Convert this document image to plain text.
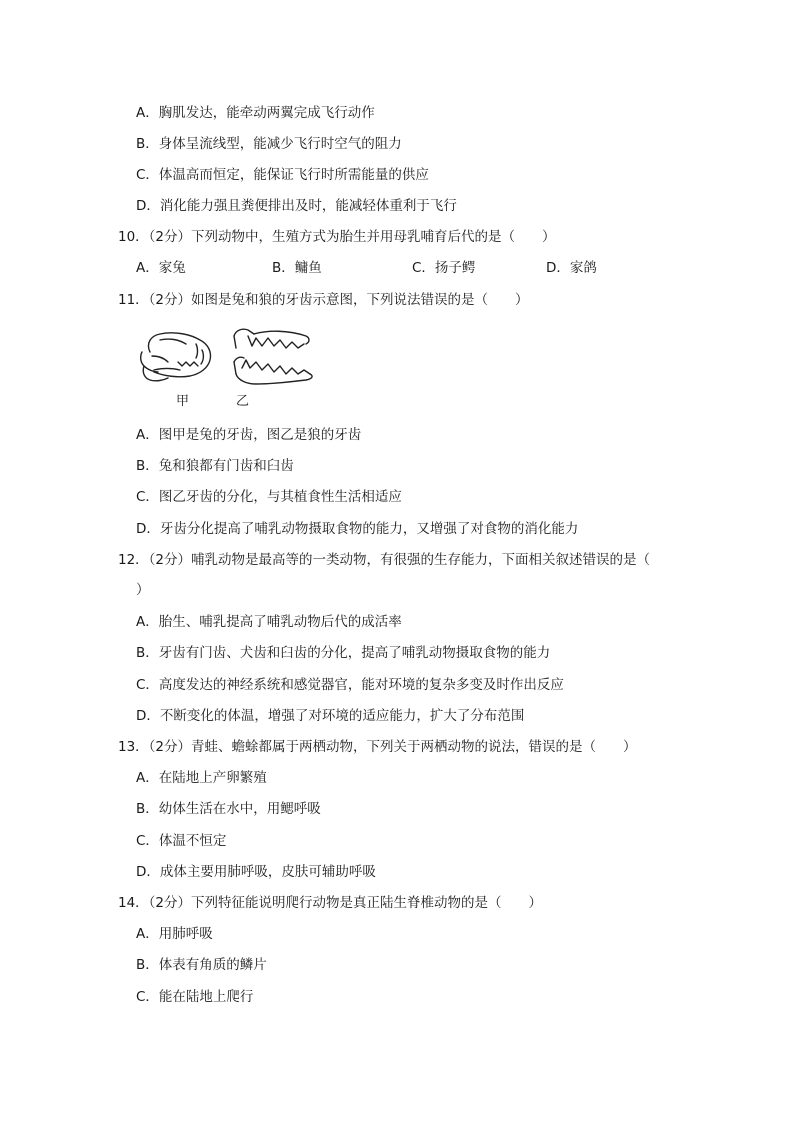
A．胸肌发达，能牵动两翼完成飞行动作
B．身体呈流线型，能减少飞行时空气的阻力
C．体温高而恒定，能保证飞行时所需能量的供应
D．消化能力强且粪便排出及时，能减轻体重利于飞行
10．（2分）下列动物中，生殖方式为胎生并用母乳哺育后代的是（　　）
A．家兔	B．鳙鱼	C．扬子鳄	D．家鸽
11．（2分）如图是兔和狼的牙齿示意图，下列说法错误的是（　　）
甲	乙
A．图甲是兔的牙齿，图乙是狼的牙齿
B．兔和狼都有门齿和臼齿
C．图乙牙齿的分化，与其植食性生活相适应
D．牙齿分化提高了哺乳动物摄取食物的能力，又增强了对食物的消化能力
12．（2分）哺乳动物是最高等的一类动物，有很强的生存能力，下面相关叙述错误的是（
）
A．胎生、哺乳提高了哺乳动物后代的成活率
B．牙齿有门齿、犬齿和臼齿的分化，提高了哺乳动物摄取食物的能力
C．高度发达的神经系统和感觉器官，能对环境的复杂多变及时作出反应
D．不断变化的体温，增强了对环境的适应能力，扩大了分布范围
13．（2分）青蛙、蟾蜍都属于两栖动物，下列关于两栖动物的说法，错误的是（　　）
A．在陆地上产卵繁殖
B．幼体生活在水中，用鳃呼吸
C．体温不恒定
D．成体主要用肺呼吸，皮肤可辅助呼吸
14．（2分）下列特征能说明爬行动物是真正陆生脊椎动物的是（　　）
A．用肺呼吸
B．体表有角质的鳞片
C．能在陆地上爬行
